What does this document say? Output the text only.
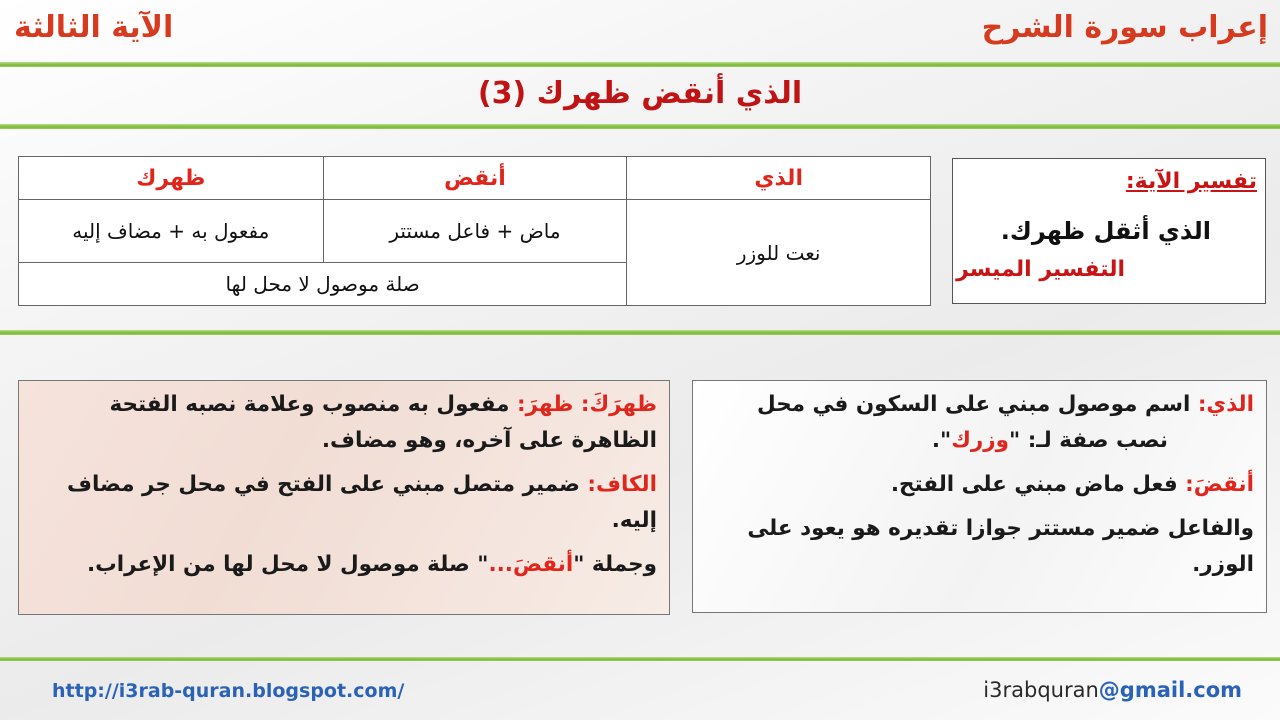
إعراب سورة الشرح
الآية الثالثة
الذي أنقض ظهرك (3)
الذي	أنقض	ظهرك
نعت للوزر	ماض + فاعل مستتر	مفعول به + مضاف إليه
	صلة موصول لا محل لها	
تفسير الآية:
الذي أثقل ظهرك.
التفسير الميسر

الذي: اسم موصول مبني على السكون في محل
نصب صفة لـ: "وزرك".

أنقضَ: فعل ماض مبني على الفتح.

والفاعل ضمير مستتر جوازا تقديره هو يعود على الوزر.

ظهرَكَ: ظهرَ: مفعول به منصوب وعلامة نصبه الفتحة الظاهرة على آخره، وهو مضاف.

الكاف: ضمير متصل مبني على الفتح في محل جر مضاف إليه.

وجملة "أنقضَ..." صلة موصول لا محل لها من الإعراب.

http://i3rab-quran.blogspot.com/	i3rabquran@gmail.com
